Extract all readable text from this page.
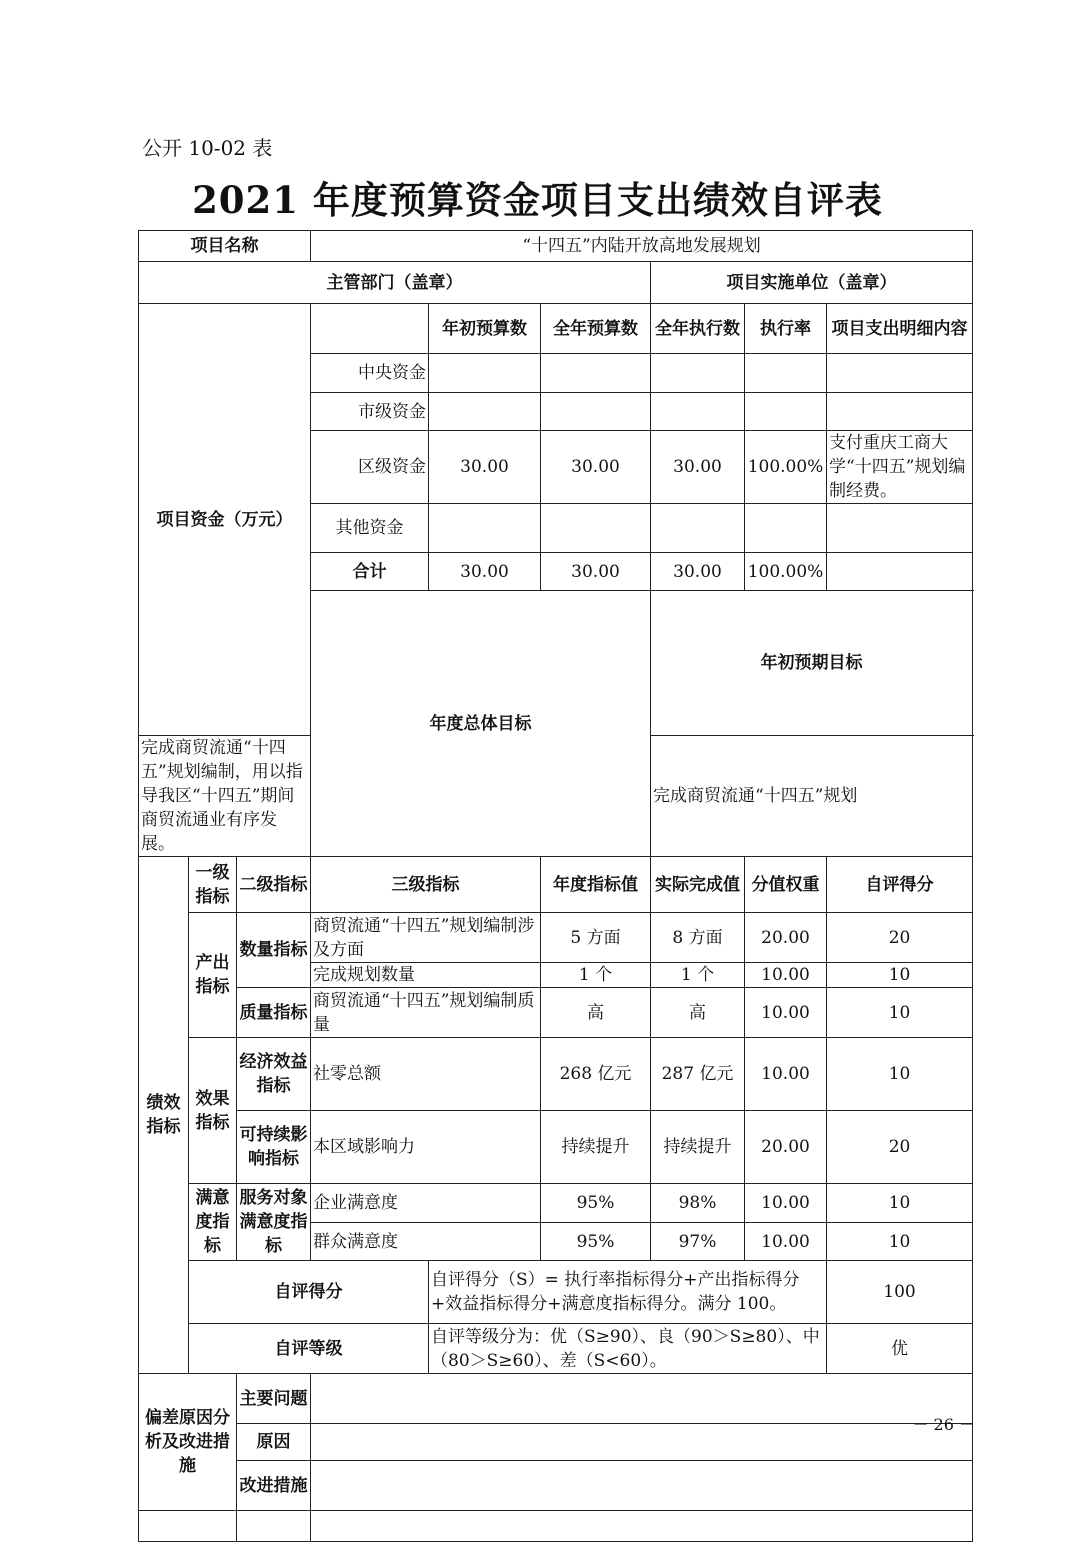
公开 10-02 表
2021 年度预算资金项目支出绩效自评表
项目名称			“十四五”内陆开放高地发展规划						
主管部门（盖章）						项目实施单位（盖章）			
项目资金（万元）				年初预算数	全年预算数	全年执行数	执行率	项目支出明细内容	
			中央资金						
			市级资金						
			区级资金	30.00	30.00	30.00	100.00%	支付重庆工商大学“十四五”规划编制经费。	
			其他资金						
			合计	30.00	30.00	30.00	100.00%		
			年度总体目标			年初预期目标	
完成商贸流通“十四五”规划编制，用以指导我区“十四五”期间商贸流通业有序发展。						完成商贸流通“十四五”规划			
绩效指标	一级指标	二级指标	三级指标		年度指标值	实际完成值	分值权重	自评得分	
	产出指标	数量指标	商贸流通“十四五”规划编制涉及方面		5 方面	8 方面	20.00	20	
			完成规划数量		1 个	1 个	10.00	10	
		质量指标	商贸流通“十四五”规划编制质量		高	高	10.00	10	
	效果指标	经济效益指标	社零总额		268 亿元	287 亿元	10.00	10	
		可持续影响指标	本区域影响力		持续提升	持续提升	20.00	20	
	满意度指标	服务对象满意度指标	企业满意度		95%	98%	10.00	10	
			群众满意度		95%	97%	10.00	10	
	自评得分			自评得分（S）= 执行率指标得分+产出指标得分+效益指标得分+满意度指标得分。满分 100。				100	
	自评等级			自评等级分为：优（S≥90）、良（90＞S≥80）、中（80＞S≥60）、差（S<60）。				优	
偏差原因分析及改进措施		主要问题							
		原因							
		改进措施							

－ 26 －
